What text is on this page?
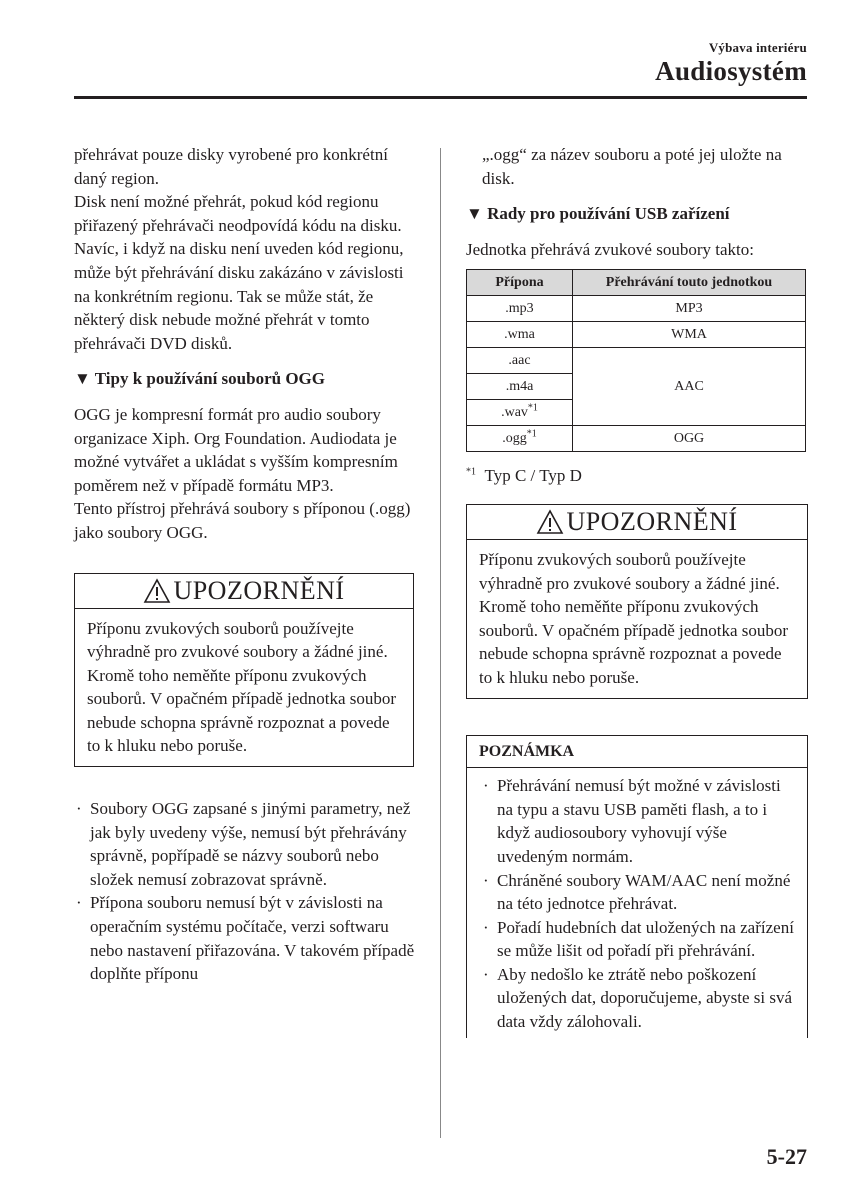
Výbava interiéru
Audiosystém

přehrávat pouze disky vyrobené pro konkrétní daný region.

Disk není možné přehrát, pokud kód regionu přiřazený přehrávači neodpovídá kódu na disku.

Navíc, i když na disku není uveden kód regionu, může být přehrávání disku zakázáno v závislosti na konkrétním regionu. Tak se může stát, že některý disk nebude možné přehrát v tomto přehrávači DVD disků.

▼ Tipy k používání souborů OGG

OGG je kompresní formát pro audio soubory organizace Xiph. Org Foundation. Audiodata je možné vytvářet a ukládat s vyšším kompresním poměrem než v případě formátu MP3.

Tento přístroj přehrává soubory s příponou (.ogg) jako soubory OGG.

UPOZORNĚNÍ
Příponu zvukových souborů používejte výhradně pro zvukové soubory a žádné jiné. Kromě toho neměňte příponu zvukových souborů. V opačném případě jednotka soubor nebude schopna správně rozpoznat a povede to k hluku nebo poruše.
· Soubory OGG zapsané s jinými parametry, než jak byly uvedeny výše, nemusí být přehrávány správně, popřípadě se názvy souborů nebo složek nemusí zobrazovat správně.
· Přípona souboru nemusí být v závislosti na operačním systému počítače, verzi softwaru nebo nastavení přiřazována. V takovém případě doplňte příponu

„.ogg“ za název souboru a poté jej uložte na disk.

▼ Rady pro používání USB zařízení

Jednotka přehrává zvukové soubory takto:

Přípona	Přehrávání touto jednotkou
.mp3	MP3
.wma	WMA
.aac	AAC
.m4a	
.wav$^{*1}$
.ogg$^{*1}$	OGG

$^{*1}$ Typ C / Typ D

UPOZORNĚNÍ
Příponu zvukových souborů používejte výhradně pro zvukové soubory a žádné jiné. Kromě toho neměňte příponu zvukových souborů. V opačném případě jednotka soubor nebude schopna správně rozpoznat a povede to k hluku nebo poruše.
POZNÁMKA
· Přehrávání nemusí být možné v závislosti na typu a stavu USB paměti flash, a to i když audiosoubory vyhovují výše uvedeným normám.
· Chráněné soubory WAM/AAC není možné na této jednotce přehrávat.
· Pořadí hudebních dat uložených na zařízení se může lišit od pořadí při přehrávání.
· Aby nedošlo ke ztrátě nebo poškození uložených dat, doporučujeme, abyste si svá data vždy zálohovali.
5-27
